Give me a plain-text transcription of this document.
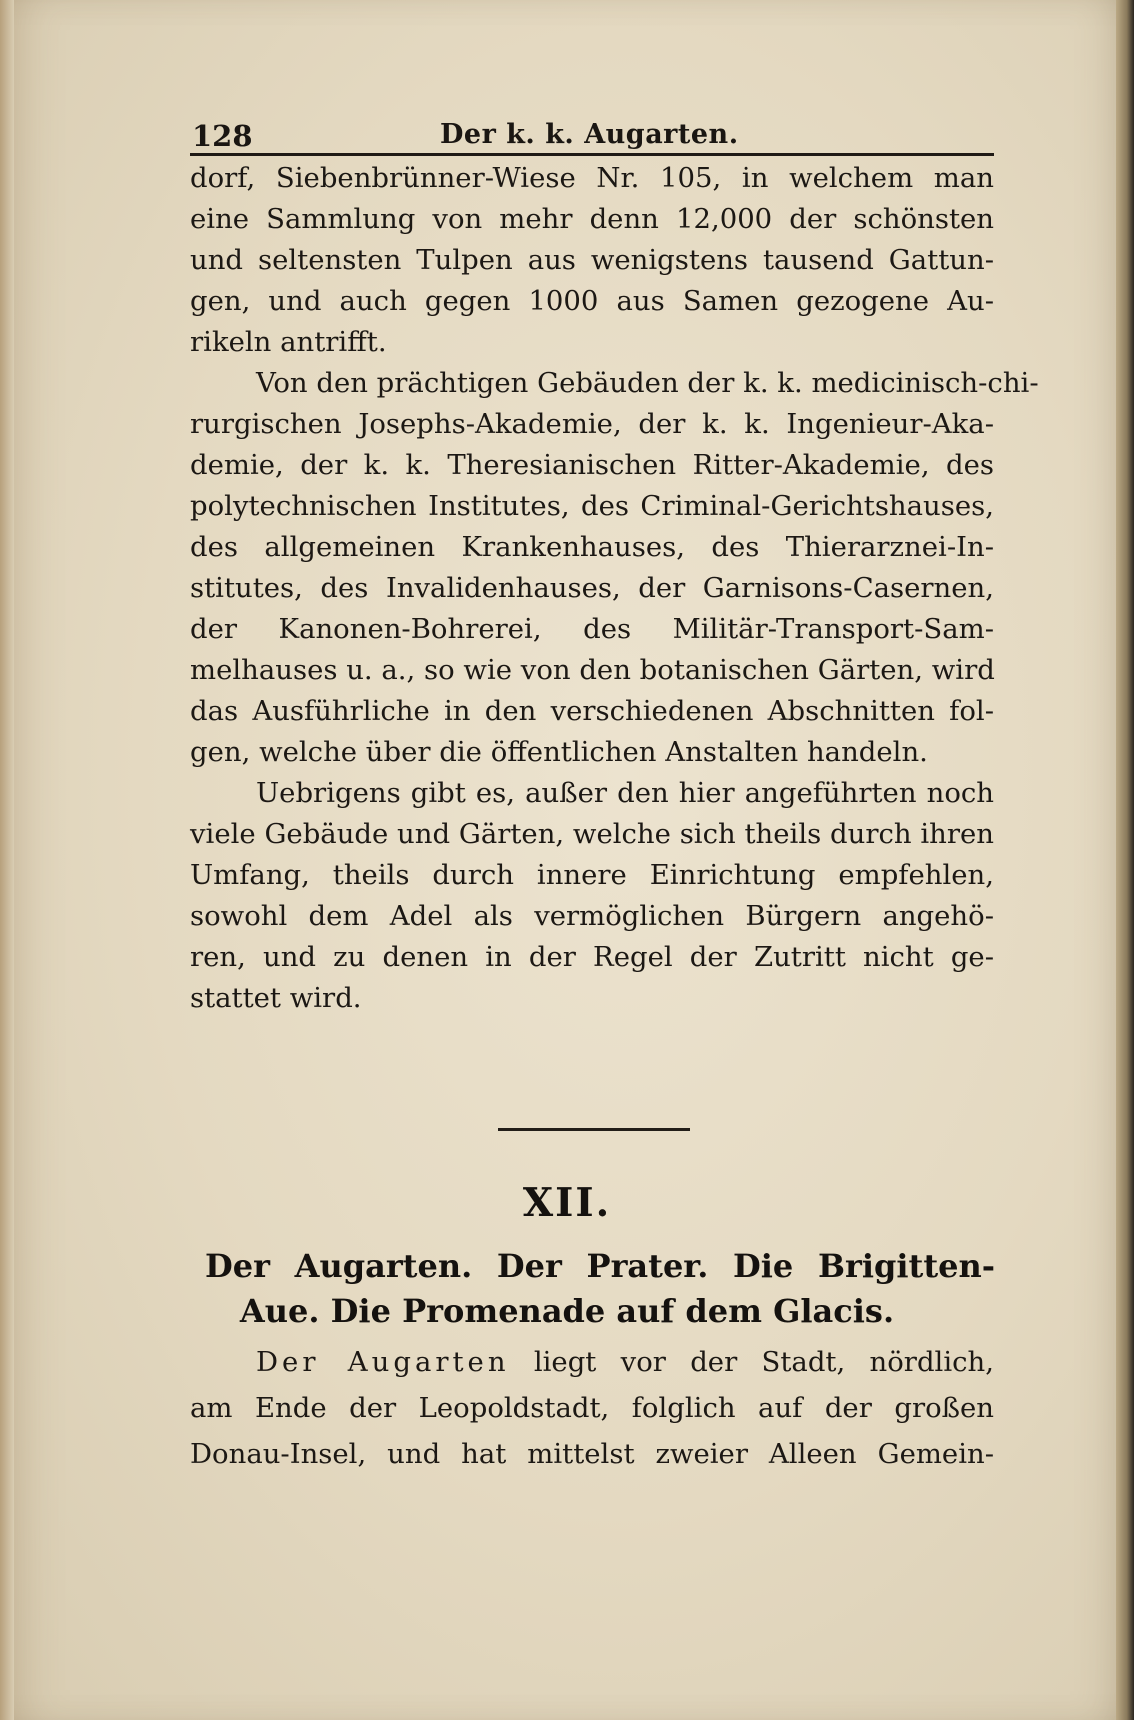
128	Der k. k. Augarten.
dorf, Siebenbrünner-Wiese Nr. 105, in welchem man
eine Sammlung von mehr denn 12,000 der schönsten
und seltensten Tulpen aus wenigstens tausend Gattun-
gen, und auch gegen 1000 aus Samen gezogene Au-
rikeln antrifft.
Von den prächtigen Gebäuden der k. k. medicinisch-chi-
rurgischen Josephs-Akademie, der k. k. Ingenieur-Aka-
demie, der k. k. Theresianischen Ritter-Akademie, des
polytechnischen Institutes, des Criminal-Gerichtshauses,
des allgemeinen Krankenhauses, des Thierarznei-In-
stitutes, des Invalidenhauses, der Garnisons-Casernen,
der Kanonen-Bohrerei, des Militär-Transport-Sam-
melhauses u. a., so wie von den botanischen Gärten, wird
das Ausführliche in den verschiedenen Abschnitten fol-
gen, welche über die öffentlichen Anstalten handeln.
Uebrigens gibt es, außer den hier angeführten noch
viele Gebäude und Gärten, welche sich theils durch ihren
Umfang, theils durch innere Einrichtung empfehlen,
sowohl dem Adel als vermöglichen Bürgern angehö-
ren, und zu denen in der Regel der Zutritt nicht ge-
stattet wird.
XII.
Der Augarten. Der Prater. Die Brigitten-
Aue. Die Promenade auf dem Glacis.
Der Augarten liegt vor der Stadt, nördlich,
am Ende der Leopoldstadt, folglich auf der großen
Donau-Insel, und hat mittelst zweier Alleen Gemein-
